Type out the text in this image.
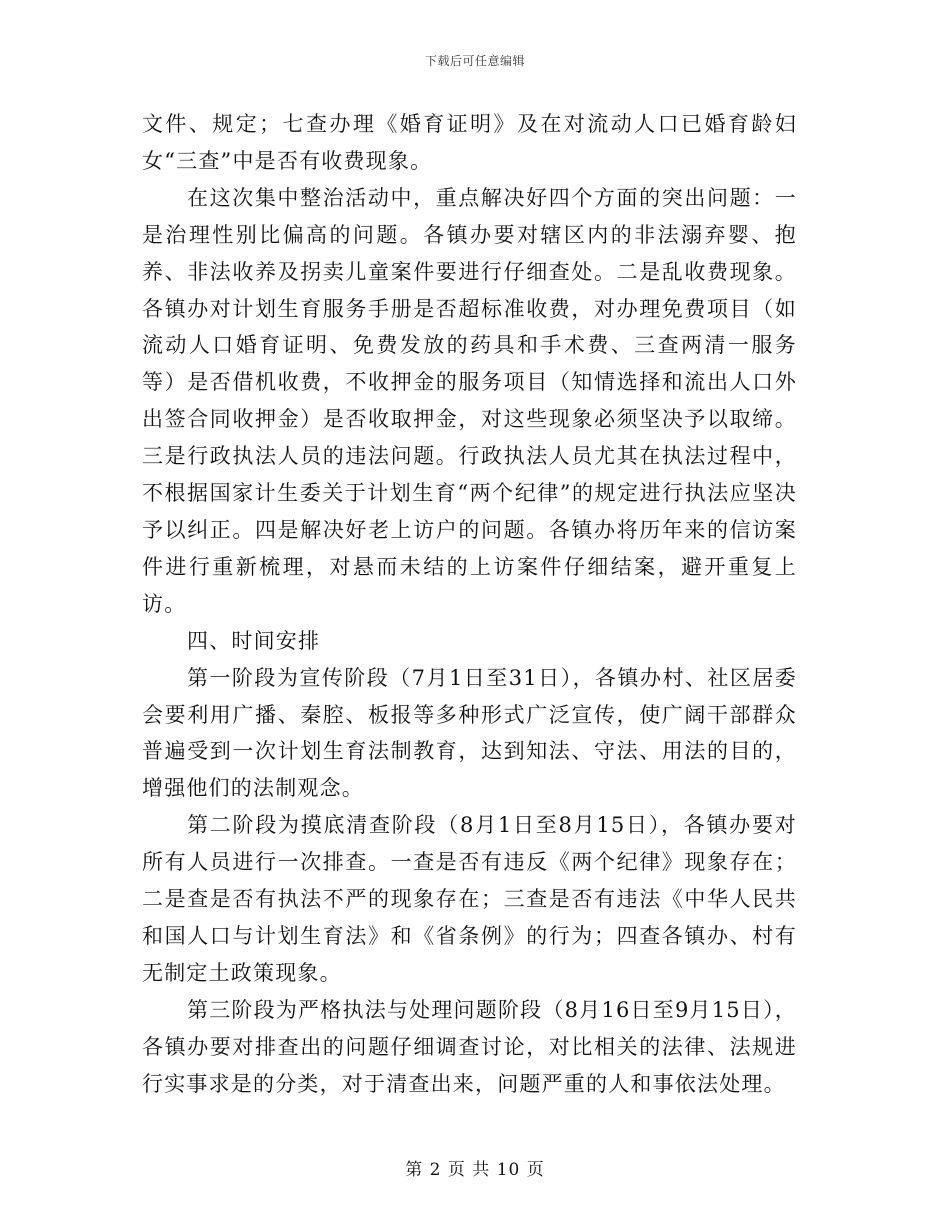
下载后可任意编辑

文件、规定；七查办理《婚育证明》及在对流动人口已婚育龄妇女“三查”中是否有收费现象。

在这次集中整治活动中，重点解决好四个方面的突出问题：一是治理性别比偏高的问题。各镇办要对辖区内的非法溺弃婴、抱养、非法收养及拐卖儿童案件要进行仔细查处。二是乱收费现象。各镇办对计划生育服务手册是否超标准收费，对办理免费项目（如流动人口婚育证明、免费发放的药具和手术费、三查两清一服务等）是否借机收费，不收押金的服务项目（知情选择和流出人口外出签合同收押金）是否收取押金，对这些现象必须坚决予以取缔。三是行政执法人员的违法问题。行政执法人员尤其在执法过程中，不根据国家计生委关于计划生育“两个纪律”的规定进行执法应坚决予以纠正。四是解决好老上访户的问题。各镇办将历年来的信访案件进行重新梳理，对悬而未结的上访案件仔细结案，避开重复上访。

四、时间安排

第一阶段为宣传阶段（7月1日至31日），各镇办村、社区居委会要利用广播、秦腔、板报等多种形式广泛宣传，使广阔干部群众普遍受到一次计划生育法制教育，达到知法、守法、用法的目的，增强他们的法制观念。

第二阶段为摸底清查阶段（8月1日至8月15日），各镇办要对所有人员进行一次排查。一查是否有违反《两个纪律》现象存在；二是查是否有执法不严的现象存在；三查是否有违法《中华人民共和国人口与计划生育法》和《省条例》的行为；四查各镇办、村有无制定土政策现象。

第三阶段为严格执法与处理问题阶段（8月16日至9月15日），各镇办要对排查出的问题仔细调查讨论，对比相关的法律、法规进行实事求是的分类，对于清查出来，问题严重的人和事依法处理。

第 2 页 共 10 页
